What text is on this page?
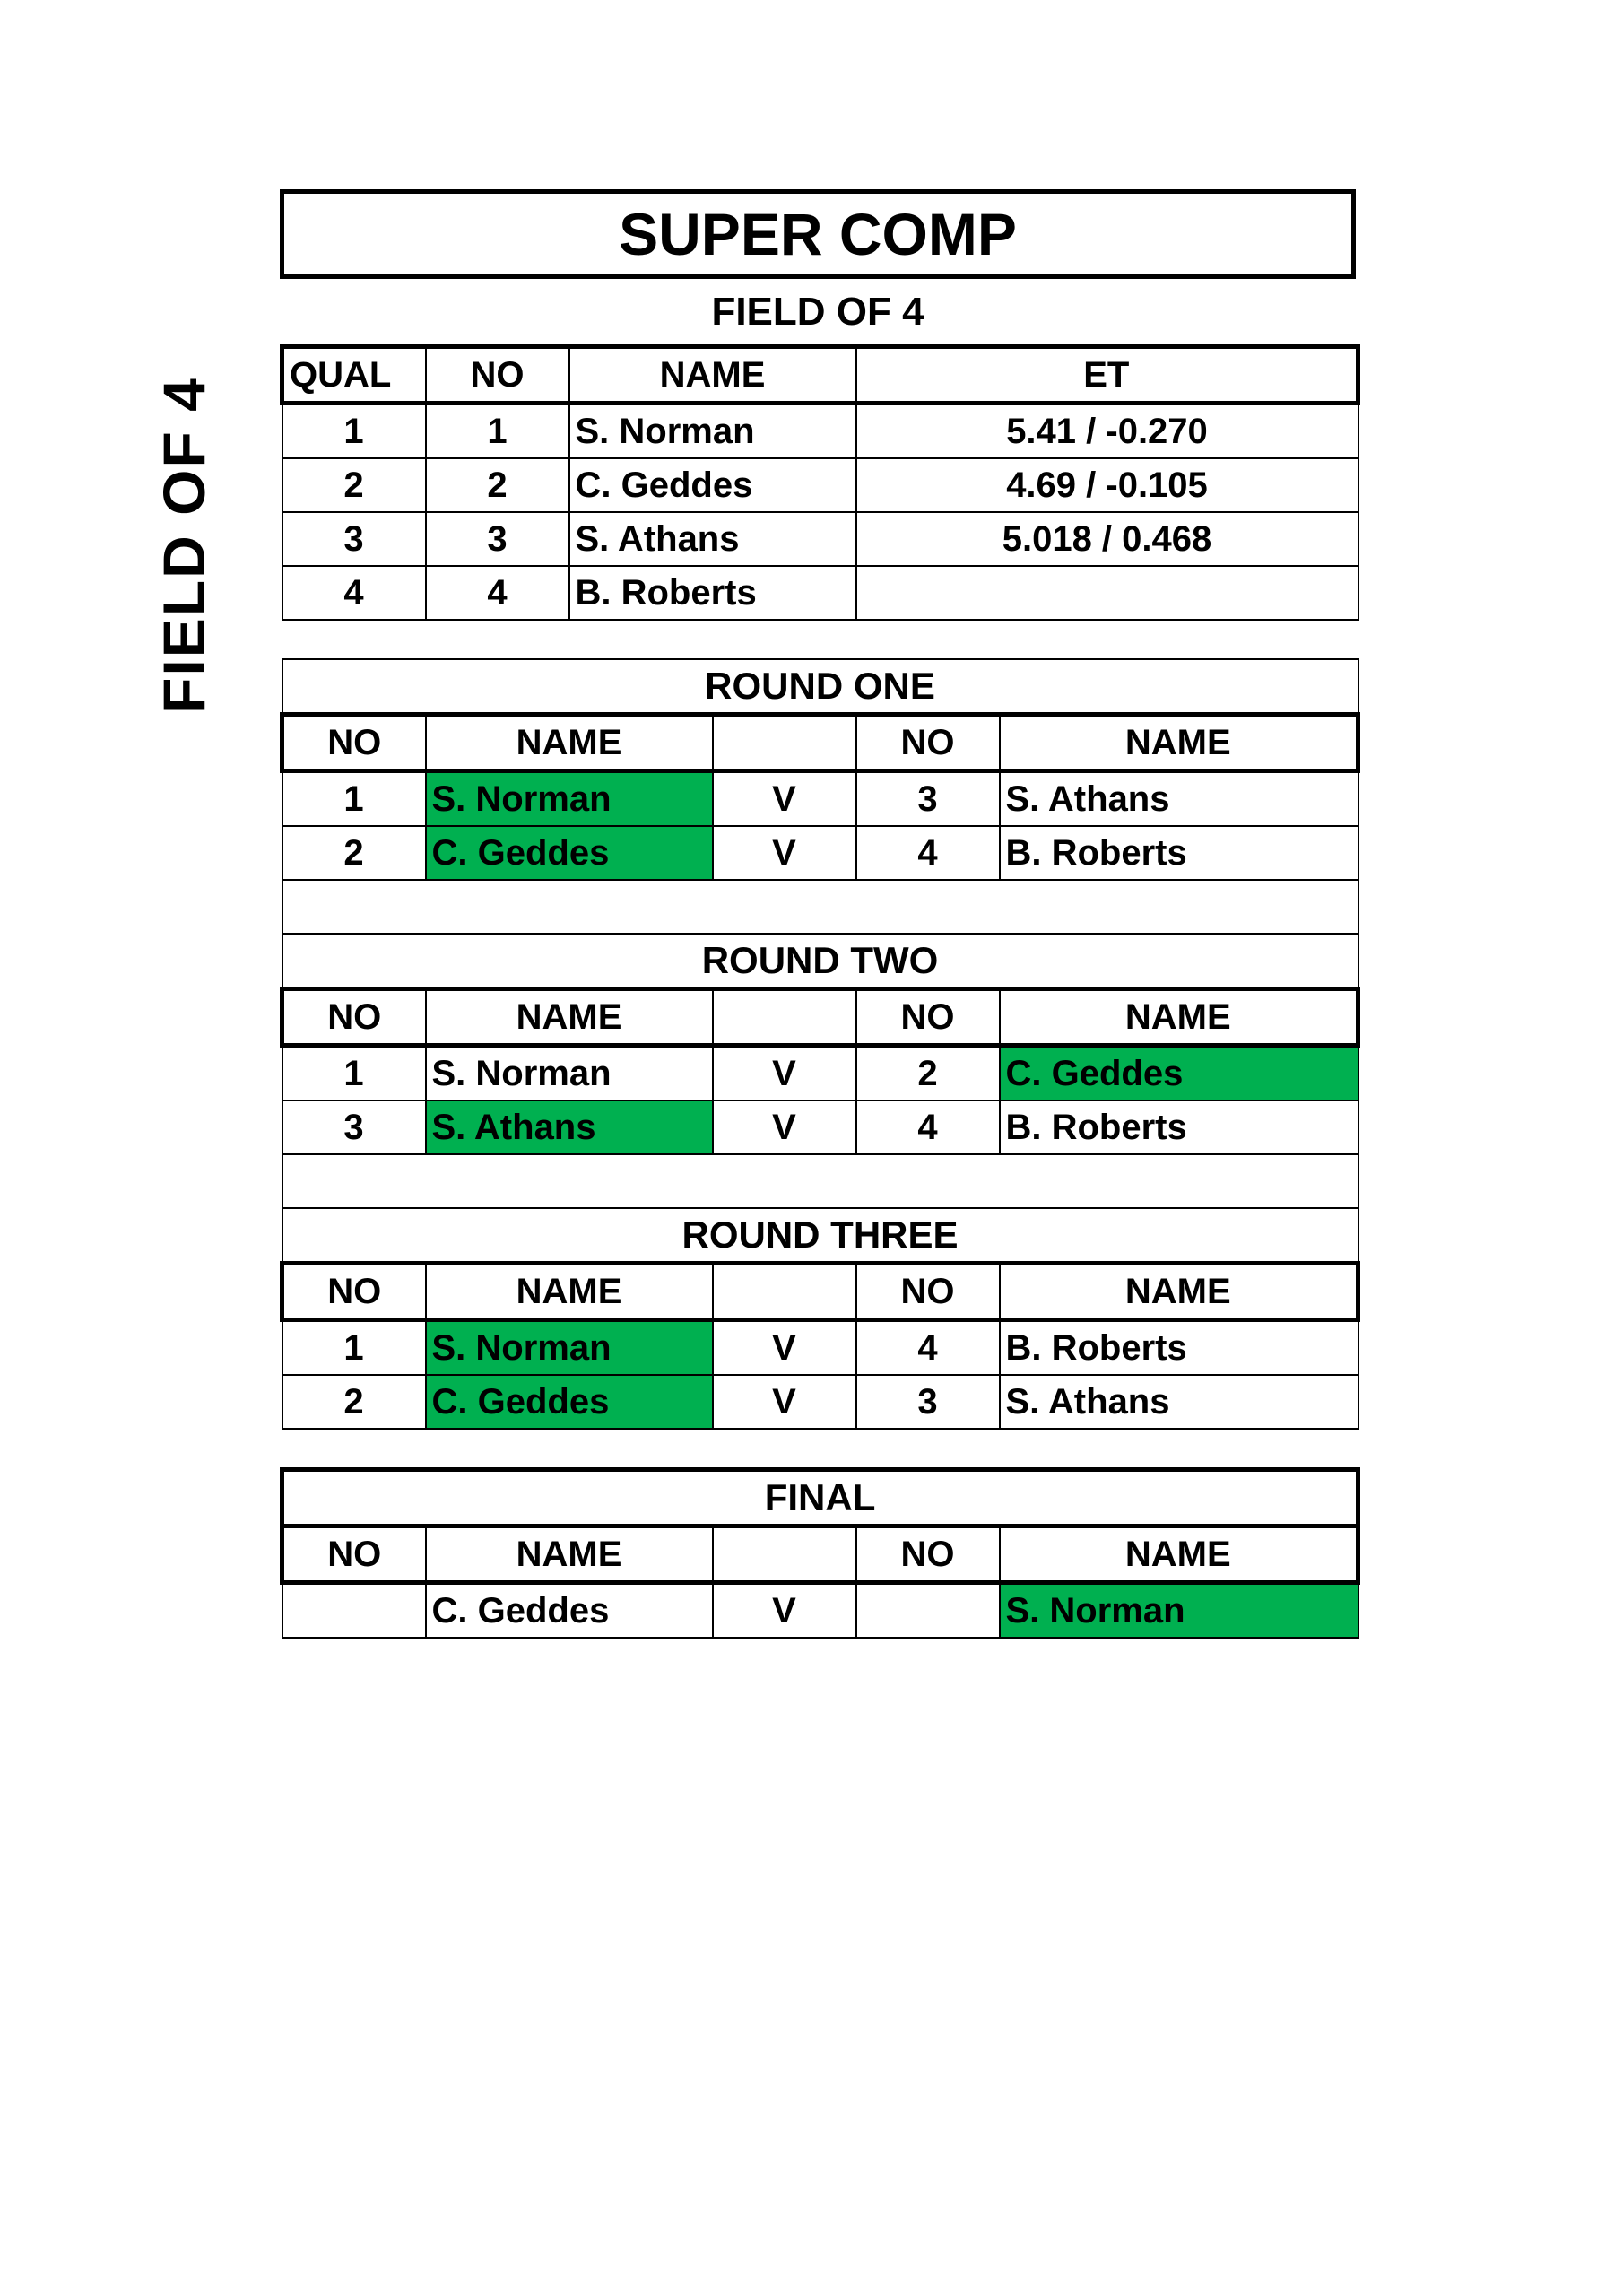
FIELD OF 4
SUPER COMP
FIELD OF 4
QUAL	NO	NAME	ET
1	1	S. Norman	5.41 / -0.270
2	2	C. Geddes	4.69 / -0.105
3	3	S. Athans	5.018 / 0.468
4	4	B. Roberts	
ROUND ONE				
NO	NAME		NO	NAME
1	S. Norman	V	3	S. Athans
2	C. Geddes	V	4	B. Roberts

ROUND TWO				
NO	NAME		NO	NAME
1	S. Norman	V	2	C. Geddes
3	S. Athans	V	4	B. Roberts

ROUND THREE				
NO	NAME		NO	NAME
1	S. Norman	V	4	B. Roberts
2	C. Geddes	V	3	S. Athans
FINAL				
NO	NAME		NO	NAME
	C. Geddes	V		S. Norman
